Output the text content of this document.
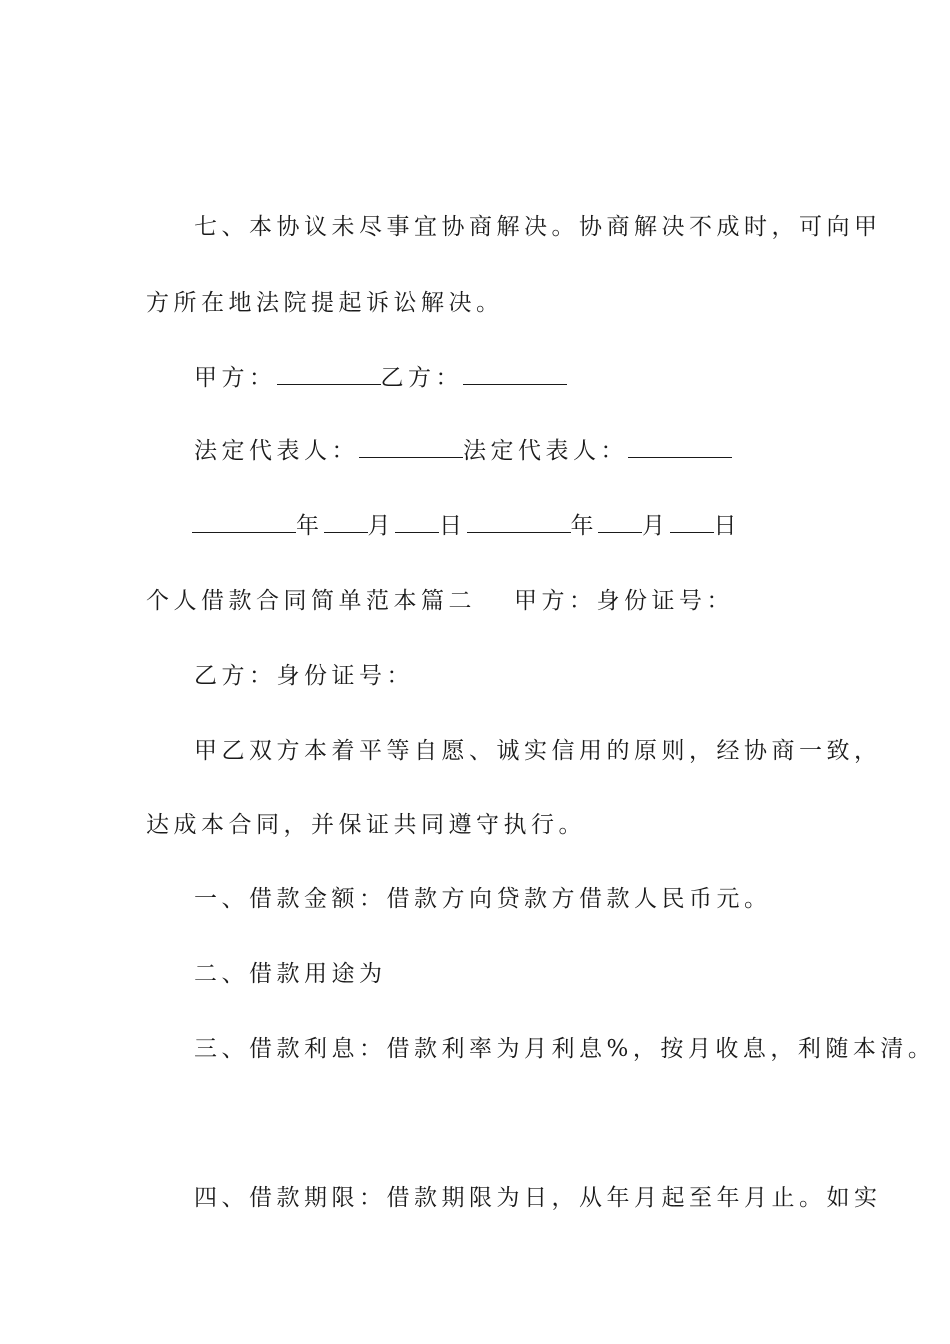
七、本协议未尽事宜协商解决。协商解决不成时，可向甲
方所在地法院提起诉讼解决。
甲方：	乙方：
法定代表人：	法定代表人：
年 月 日	年 月 日
个人借款合同简单范本篇二 甲方：身份证号：
乙方：身份证号：
甲乙双方本着平等自愿、诚实信用的原则，经协商一致，
达成本合同，并保证共同遵守执行。
一、借款金额：借款方向贷款方借款人民币元。
二、借款用途为
三、借款利息：借款利率为月利息%，按月收息，利随本清。
四、借款期限：借款期限为日，从年月起至年月止。如实
